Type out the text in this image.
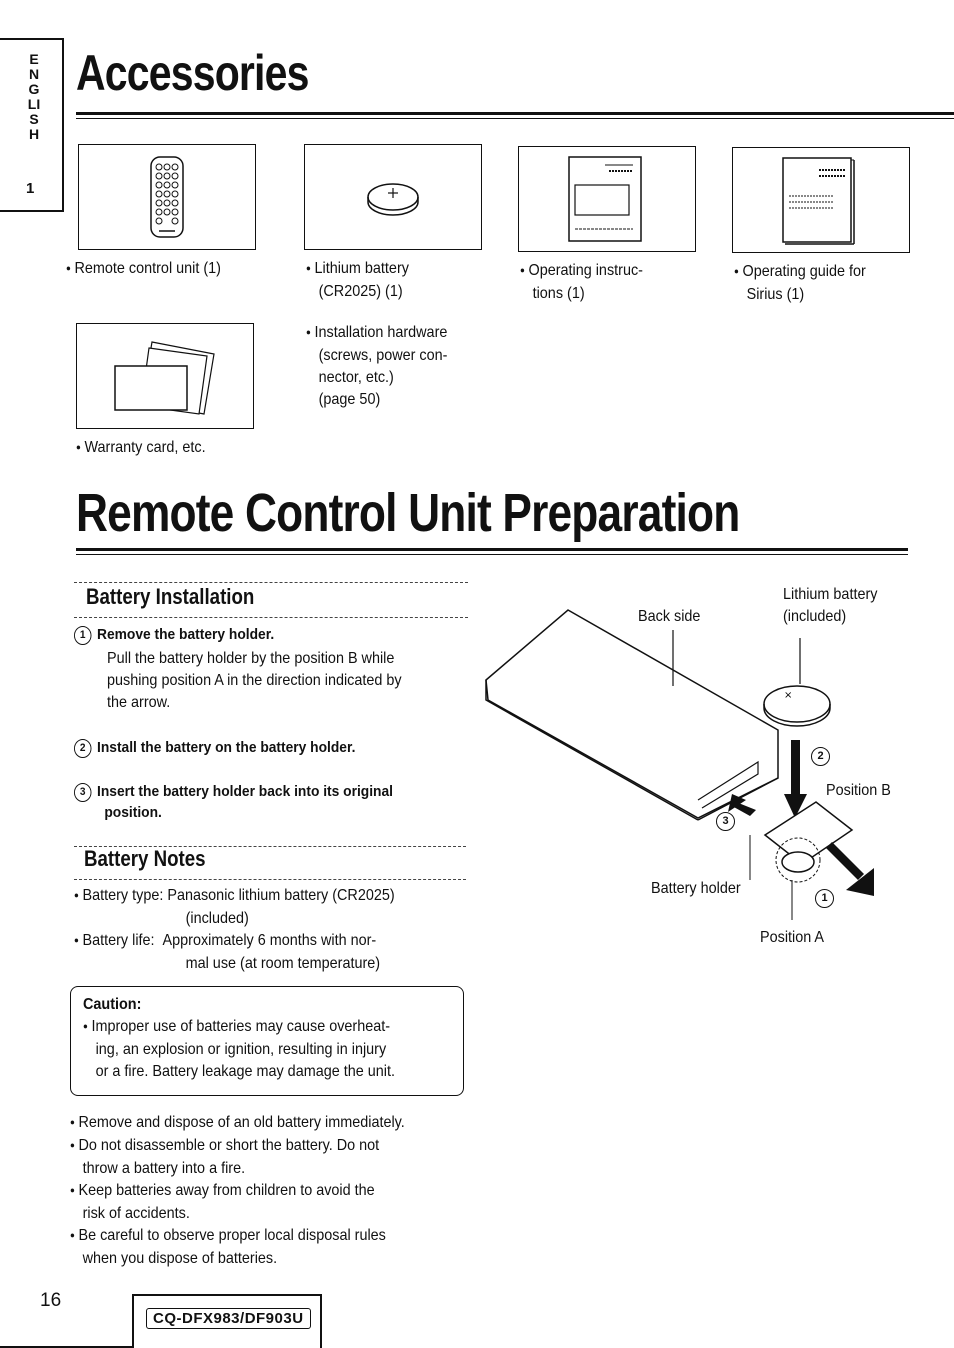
ENGLISH
1
Accessories
● Remote control unit (1)
●	Lithium battery
(CR2025) (1)
● Operating instruc-
tions (1)
● Operating guide for
Sirius (1)
● Warranty card, etc.
● Installation hardware
(screws, power con-
nector, etc.)
(page 50)
Remote Control Unit Preparation
Battery Installation
1 Remove the battery holder.
Pull the battery holder by the position B while
pushing position A in the direction indicated by
the arrow.
2 Install the battery on the battery holder.
3 Insert the battery holder back into its original
position.
Battery Notes
● Battery type: Panasonic lithium battery (CR2025)
(included)
● Battery life: Approximately 6 months with nor-
mal use (at room temperature)
Caution:
● Improper use of batteries may cause overheat-
ing, an explosion or ignition, resulting in injury
or a fire. Battery leakage may damage the unit.
● Remove and dispose of an old battery immediately.
● Do not disassemble or short the battery. Do not
throw a battery into a fire.
● Keep batteries away from children to avoid the
risk of accidents.
● Be careful to observe proper local disposal rules
when you dispose of batteries.
×
Back side
Lithium battery
(included)
2
Position B
3
Battery holder
1
Position A
16
CQ-DFX983/DF903U
